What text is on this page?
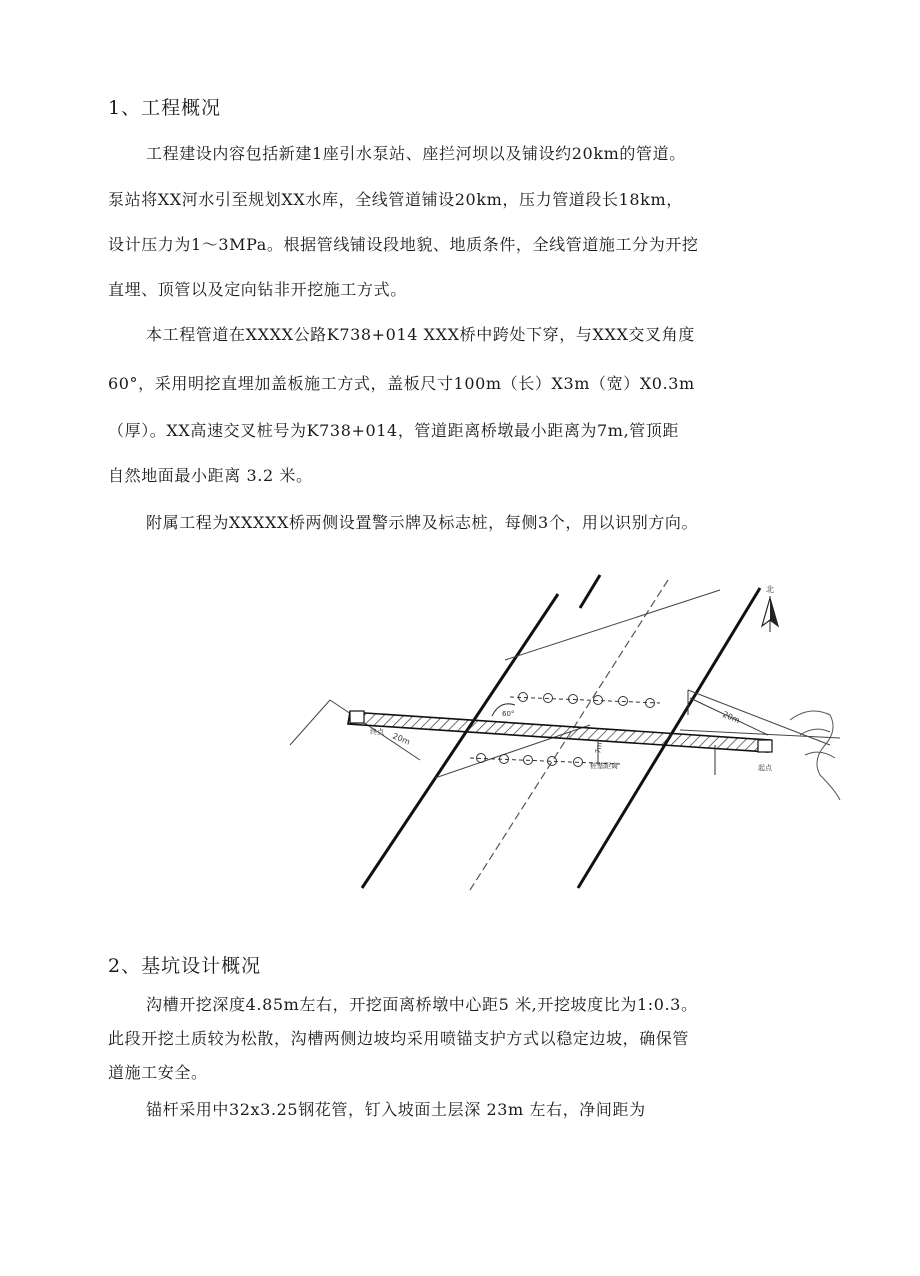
1、工程概况
工程建设内容包括新建1座引水泵站、座拦河坝以及铺设约20km的管道。
泵站将XX河水引至规划XX水库，全线管道铺设20km，压力管道段长18km，
设计压力为1～3MPa。根据管线铺设段地貌、地质条件，全线管道施工分为开挖
直埋、顶管以及定向钻非开挖施工方式。
本工程管道在XXXX公路K738+014 XXX桥中跨处下穿，与XXX交叉角度
60°，采用明挖直埋加盖板施工方式，盖板尺寸100m（长）X3m（宽）X0.3m
（厚）。XX高速交叉桩号为K738+014，管道距离桥墩最小距离为7m,管顶距
自然地面最小距离 3.2 米。
附属工程为XXXXX桥两侧设置警示牌及标志桩，每侧3个，用以识别方向。
北
20m
20m
60°
7m
桩基距离
终点
起点
2、基坑设计概况
沟槽开挖深度4.85m左右，开挖面离桥墩中心距5 米,开挖坡度比为1:0.3。
此段开挖土质较为松散，沟槽两侧边坡均采用喷锚支护方式以稳定边坡，确保管
道施工安全。
锚杆采用中32x3.25钢花管，钉入坡面土层深 23m 左右，净间距为
